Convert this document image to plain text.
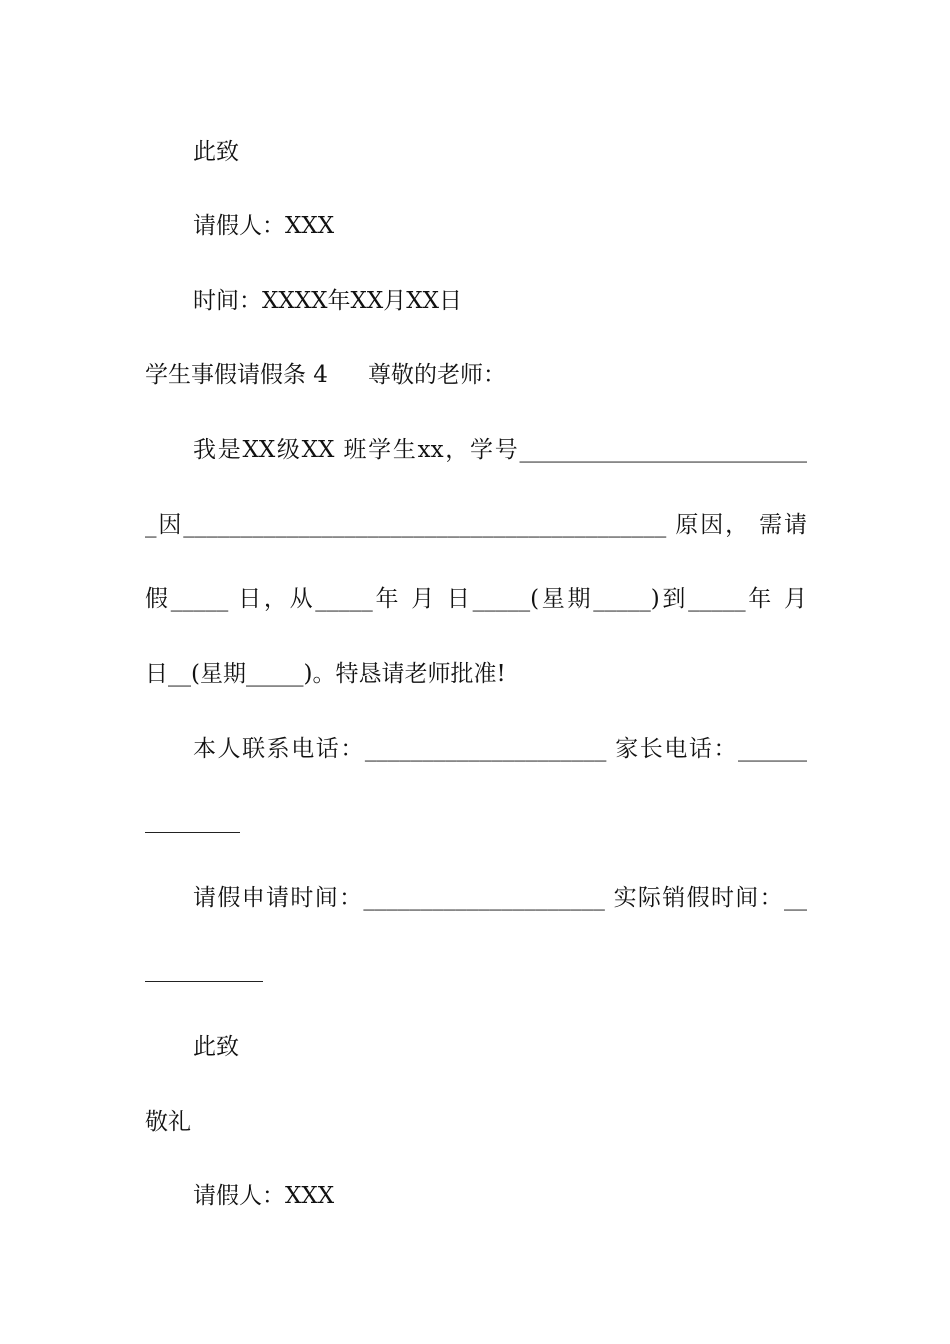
此致
请假人：XXX
时间：XXXX年XX月XX日
学生事假请假条 4 尊敬的老师：
我是XX级XX 班学生xx，学号_________________________
_因__________________________________________ 原因， 需请
假_____ 日，从_____年 月 日_____(星期_____)到_____年 月
日__(星期_____)。特恳请老师批准!
本人联系电话：_____________________ 家长电话：______
请假申请时间：_____________________ 实际销假时间：__
此致
敬礼
请假人：XXX
